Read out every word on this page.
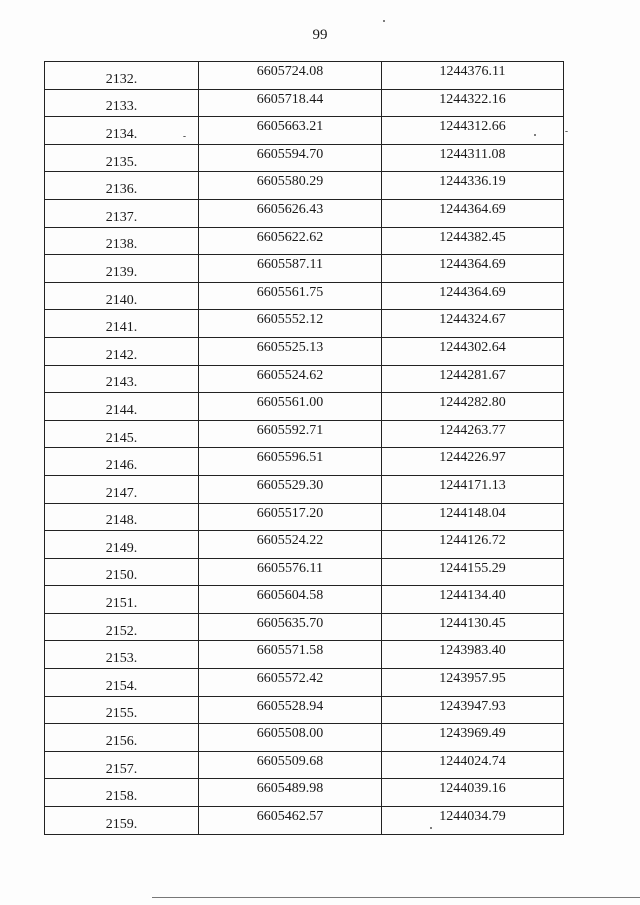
99
2132.	6605724.08	1244376.11
2133.	6605718.44	1244322.16
2134.	6605663.21	1244312.66
2135.	6605594.70	1244311.08
2136.	6605580.29	1244336.19
2137.	6605626.43	1244364.69
2138.	6605622.62	1244382.45
2139.	6605587.11	1244364.69
2140.	6605561.75	1244364.69
2141.	6605552.12	1244324.67
2142.	6605525.13	1244302.64
2143.	6605524.62	1244281.67
2144.	6605561.00	1244282.80
2145.	6605592.71	1244263.77
2146.	6605596.51	1244226.97
2147.	6605529.30	1244171.13
2148.	6605517.20	1244148.04
2149.	6605524.22	1244126.72
2150.	6605576.11	1244155.29
2151.	6605604.58	1244134.40
2152.	6605635.70	1244130.45
2153.	6605571.58	1243983.40
2154.	6605572.42	1243957.95
2155.	6605528.94	1243947.93
2156.	6605508.00	1243969.49
2157.	6605509.68	1244024.74
2158.	6605489.98	1244039.16
2159.	6605462.57	1244034.79
